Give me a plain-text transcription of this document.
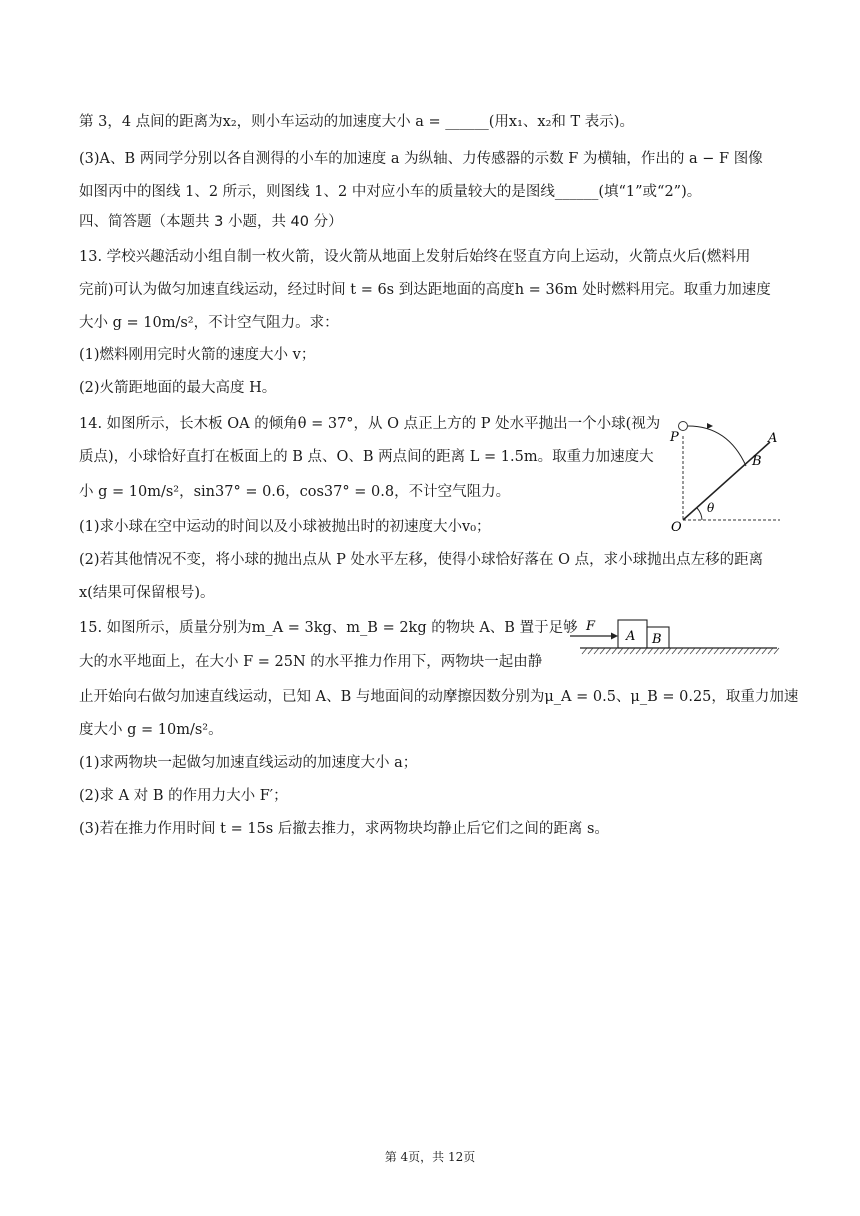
第 3，4 点间的距离为x₂，则小车运动的加速度大小 a = ______(用x₁、x₂和 T 表示)。

(3)A、B 两同学分别以各自测得的小车的加速度 a 为纵轴、力传感器的示数 F 为横轴，作出的 a − F 图像

如图丙中的图线 1、2 所示，则图线 1、2 中对应小车的质量较大的是图线______(填“1”或“2”)。

四、简答题（本题共 3 小题，共 40 分）

13. 学校兴趣活动小组自制一枚火箭，设火箭从地面上发射后始终在竖直方向上运动，火箭点火后(燃料用

完前)可认为做匀加速直线运动，经过时间 t = 6s 到达距地面的高度h = 36m 处时燃料用完。取重力加速度

大小 g = 10m/s²，不计空气阻力。求：

(1)燃料刚用完时火箭的速度大小 v；

(2)火箭距地面的最大高度 H。

14. 如图所示，长木板 OA 的倾角θ = 37°，从 O 点正上方的 P 处水平抛出一个小球(视为

质点)，小球恰好直打在板面上的 B 点、O、B 两点间的距离 L = 1.5m。取重力加速度大

小 g = 10m/s²，sin37° = 0.6，cos37° = 0.8，不计空气阻力。

(1)求小球在空中运动的时间以及小球被抛出时的初速度大小v₀；

(2)若其他情况不变，将小球的抛出点从 P 处水平左移，使得小球恰好落在 O 点，求小球抛出点左移的距离

x(结果可保留根号)。

15. 如图所示，质量分别为m_A = 3kg、m_B = 2kg 的物块 A、B 置于足够

大的水平地面上，在大小 F = 25N 的水平推力作用下，两物块一起由静

止开始向右做匀加速直线运动，已知 A、B 与地面间的动摩擦因数分别为μ_A = 0.5、μ_B = 0.25，取重力加速

度大小 g = 10m/s²。

(1)求两物块一起做匀加速直线运动的加速度大小 a；

(2)求 A 对 B 的作用力大小 F′；

(3)若在推力作用时间 t = 15s 后撤去推力，求两物块均静止后它们之间的距离 s。

P	A
B
O
θ
F
A B
第 4页，共 12页
